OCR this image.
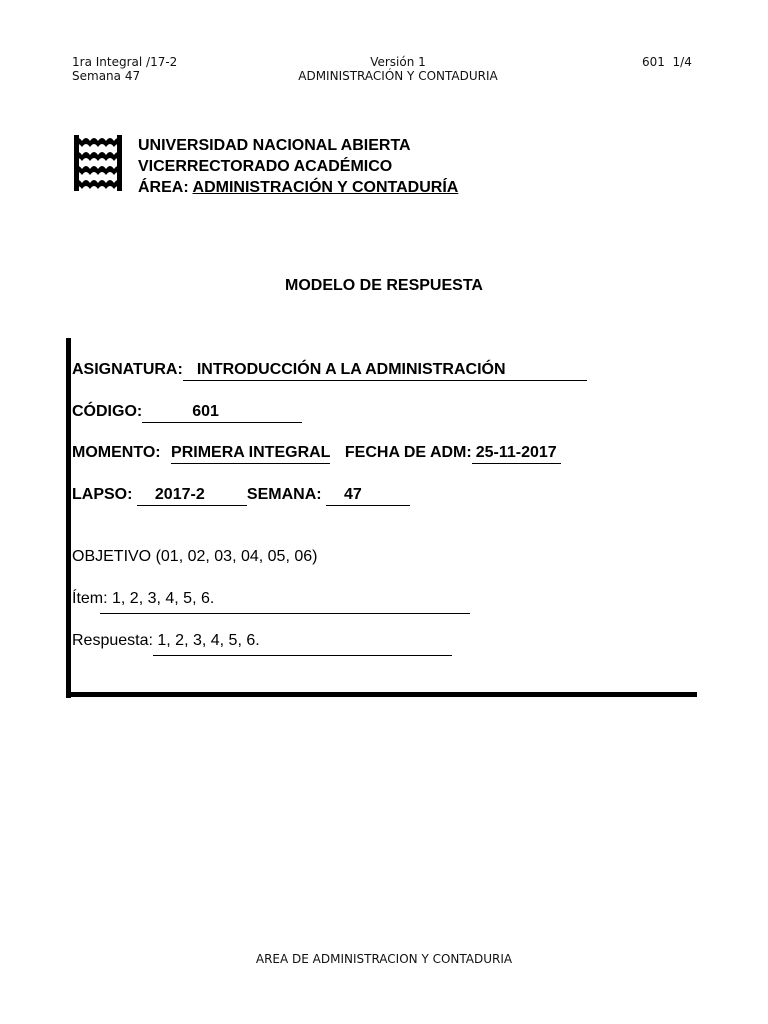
1ra Integral /17-2
Semana 47
Versión 1
ADMINISTRACIÓN Y CONTADURIA
601  1/4
UNIVERSIDAD NACIONAL ABIERTA
VICERRECTORADO ACADÉMICO
ÁREA: ADMINISTRACIÓN Y CONTADURÍA
MODELO DE RESPUESTA
ASIGNATURA: INTRODUCCIÓN A LA ADMINISTRACIÓN
CÓDIGO:	601
MOMENTO: PRIMERA INTEGRAL FECHA DE ADM: 25-11-2017
LAPSO: 2017-2	SEMANA: 47
OBJETIVO (01, 02, 03, 04, 05, 06)
Ítem: 1, 2, 3, 4, 5, 6.
Respuesta: 1, 2, 3, 4, 5, 6.
AREA DE ADMINISTRACION Y CONTADURIA
